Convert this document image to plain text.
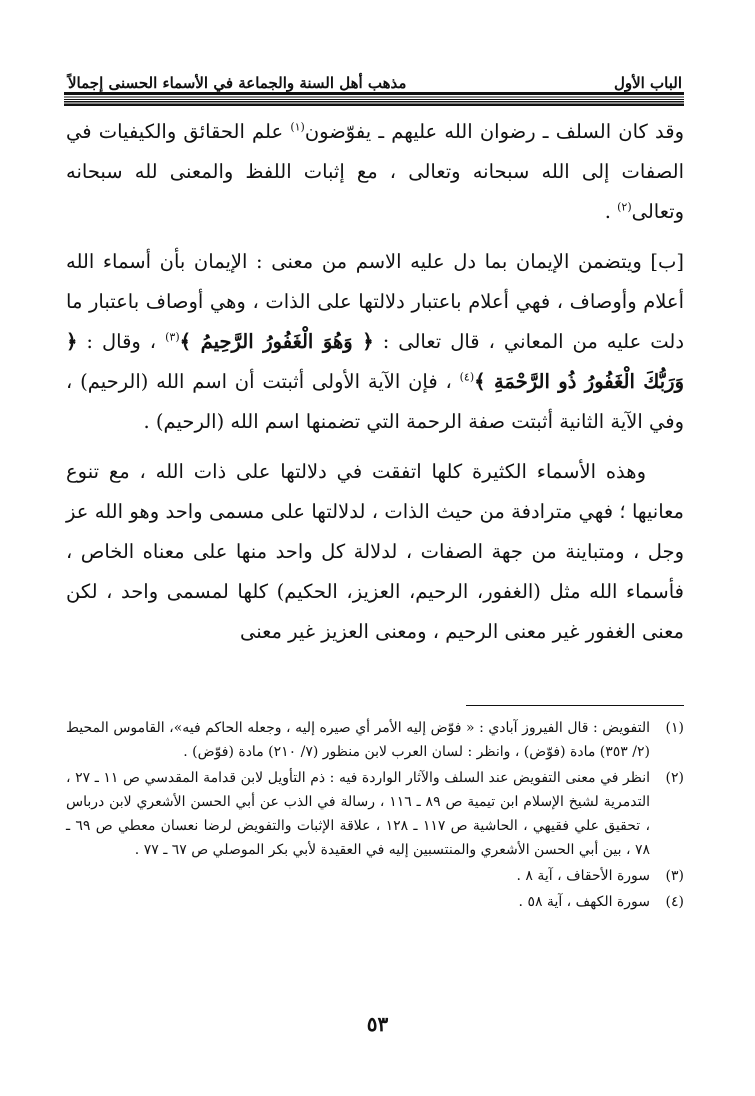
الباب الأول
مذهب أهل السنة والجماعة في الأسماء الحسنى إجمالاً

وقد كان السلف ـ رضوان الله عليهم ـ يفوّضون$^{(١)}$ علم الحقائق والكيفيات في الصفات إلى الله سبحانه وتعالى ، مع إثبات اللفظ والمعنى لله سبحانه وتعالى$^{(٢)}$ .

[ب] ويتضمن الإيمان بما دل عليه الاسم من معنى : الإيمان بأن أسماء الله أعلام وأوصاف ، فهي أعلام باعتبار دلالتها على الذات ، وهي أوصاف باعتبار ما دلت عليه من المعاني ، قال تعالى : ﴿ وَهُوَ الْغَفُورُ الرَّحِيمُ ﴾$^{(٣)}$ ، وقال : ﴿ وَرَبُّكَ الْغَفُورُ ذُو الرَّحْمَةِ ﴾$^{(٤)}$ ، فإن الآية الأولى أثبتت أن اسم الله (الرحيم) ، وفي الآية الثانية أثبتت صفة الرحمة التي تضمنها اسم الله (الرحيم) .

وهذه الأسماء الكثيرة كلها اتفقت في دلالتها على ذات الله ، مع تنوع معانيها ؛ فهي مترادفة من حيث الذات ، لدلالتها على مسمى واحد وهو الله عز وجل ، ومتباينة من جهة الصفات ، لدلالة كل واحد منها على معناه الخاص ، فأسماء الله مثل (الغفور، الرحيم، العزيز، الحكيم) كلها لمسمى واحد ، لكن معنى الغفور غير معنى الرحيم ، ومعنى العزيز غير معنى

(١)
التفويض : قال الفيروز آبادي : « فوّض إليه الأمر أي صيره إليه ، وجعله الحاكم فيه»، القاموس المحيط (٢/ ٣٥٣) مادة (فوّض) ، وانظر : لسان العرب لابن منظور (٧/ ٢١٠) مادة (فوّض) .
(٢)
انظر في معنى التفويض عند السلف والآثار الواردة فيه : ذم التأويل لابن قدامة المقدسي ص ١١ ـ ٢٧ ، التدمرية لشيخ الإسلام ابن تيمية ص ٨٩ ـ ١١٦ ، رسالة في الذب عن أبي الحسن الأشعري لابن درباس ، تحقيق علي فقيهي ، الحاشية ص ١١٧ ـ ١٢٨ ، علاقة الإثبات والتفويض لرضا نعسان معطي ص ٦٩ ـ ٧٨ ، بين أبي الحسن الأشعري والمنتسبين إليه في العقيدة لأبي بكر الموصلي ص ٦٧ ـ ٧٧ .
(٣)
سورة الأحقاف ، آية ٨ .
(٤)
سورة الكهف ، آية ٥٨ .
٥٣
